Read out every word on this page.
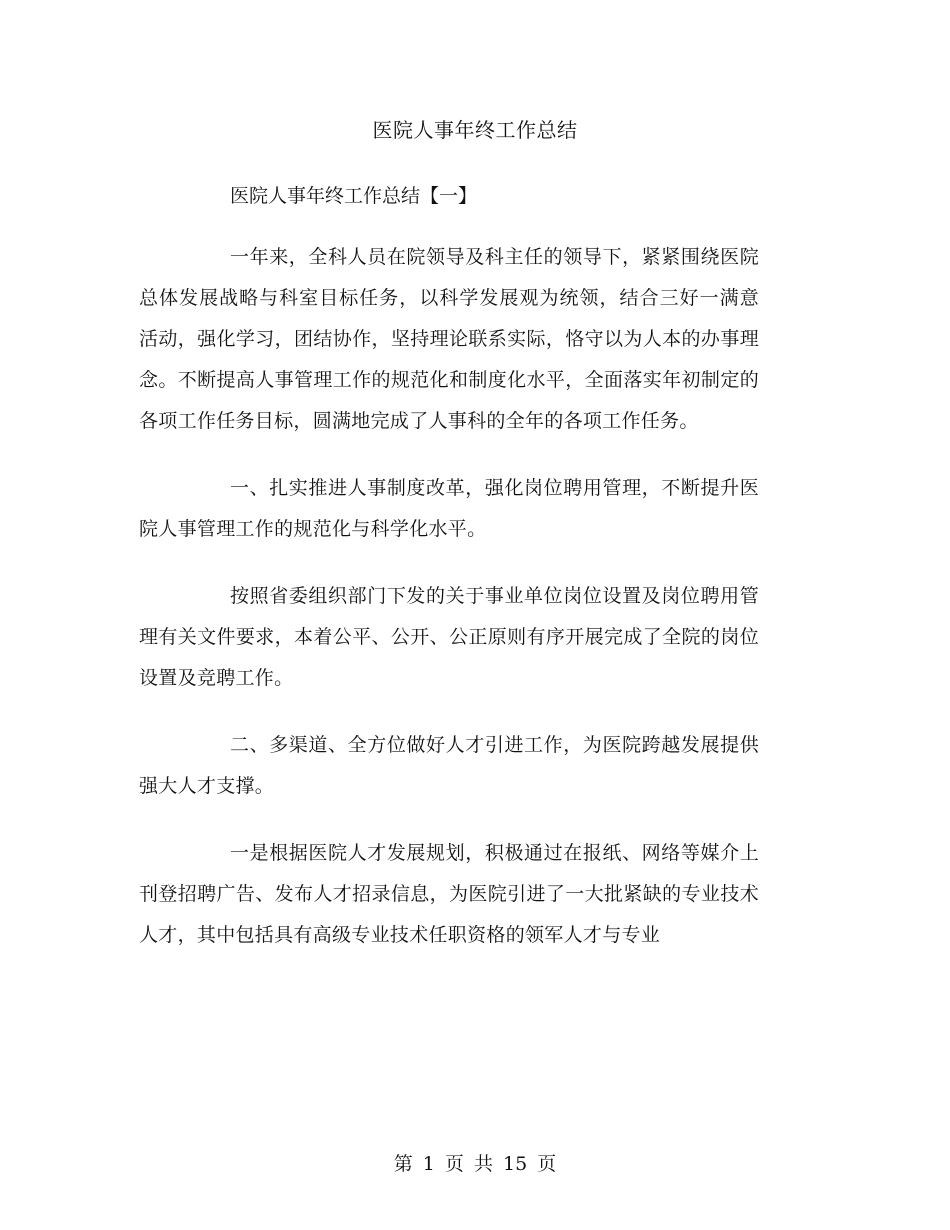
医院人事年终工作总结
医院人事年终工作总结【一】

一年来，全科人员在院领导及科主任的领导下，紧紧围绕医院总体发展战略与科室目标任务，以科学发展观为统领，结合三好一满意 活动，强化学习，团结协作，坚持理论联系实际，恪守以为人本的办事理念。不断提高人事管理工作的规范化和制度化水平，全面落实年初制定的各项工作任务目标，圆满地完成了人事科的全年的各项工作任务。

一、扎实推进人事制度改革，强化岗位聘用管理，不断提升医院人事管理工作的规范化与科学化水平。

按照省委组织部门下发的关于事业单位岗位设置及岗位聘用管理有关文件要求，本着公平、公开、公正原则有序开展完成了全院的岗位设置及竞聘工作。

二、多渠道、全方位做好人才引进工作，为医院跨越发展提供强大人才支撑。

一是根据医院人才发展规划，积极通过在报纸、网络等媒介上刊登招聘广告、发布人才招录信息，为医院引进了一大批紧缺的专业技术人才，其中包括具有高级专业技术任职资格的领军人才与专业

第 1 页 共 15 页
